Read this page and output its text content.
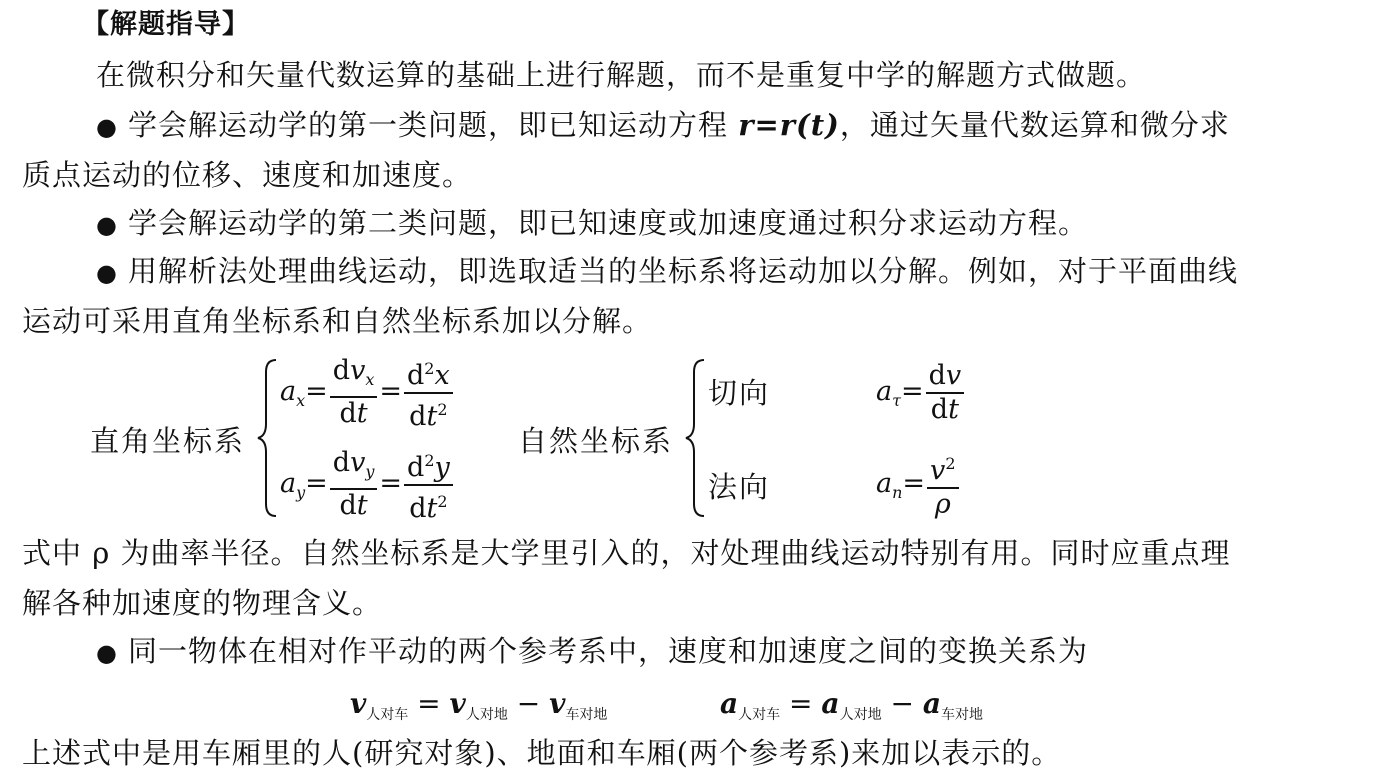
【解题指导】
在微积分和矢量代数运算的基础上进行解题，而不是重复中学的解题方式做题。
● 学会解运动学的第一类问题，即已知运动方程 r=r(t)，通过矢量代数运算和微分求
质点运动的位移、速度和加速度。
● 学会解运动学的第二类问题，即已知速度或加速度通过积分求运动方程。
● 用解析法处理曲线运动，即选取适当的坐标系将运动加以分解。例如，对于平面曲线
运动可采用直角坐标系和自然坐标系加以分解。
直角坐标系
$a_x= \frac{dv_x}{dt} = \frac{d^2x}{dt^2}$
$a_y= \frac{dv_y}{dt} = \frac{d^2y}{dt^2}$
自然坐标系
切向
法向
$a_\tau= \frac{dv}{dt}$
$a_n= \frac{v^2}{\rho}$
式中 ρ 为曲率半径。自然坐标系是大学里引入的，对处理曲线运动特别有用。同时应重点理
解各种加速度的物理含义。
● 同一物体在相对作平动的两个参考系中，速度和加速度之间的变换关系为
$v_{人对车} = v_{人对地} - v_{车对地}$	$a_{人对车} = a_{人对地} - a_{车对地}$
上述式中是用车厢里的人(研究对象)、地面和车厢(两个参考系)来加以表示的。
